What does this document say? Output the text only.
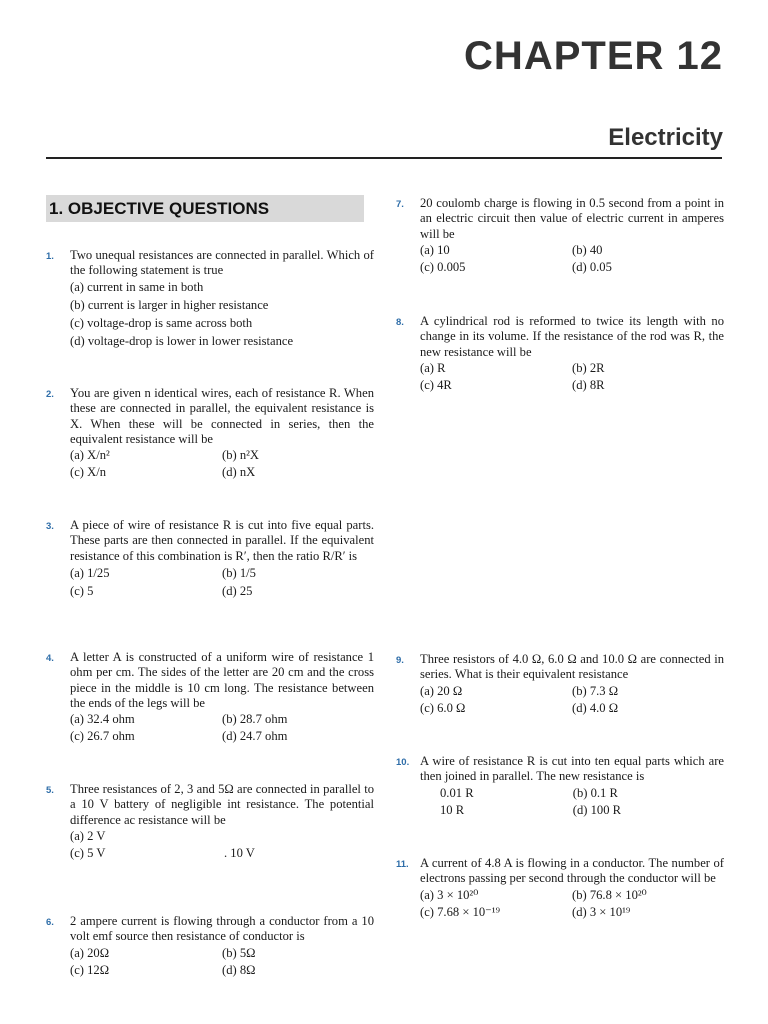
CHAPTER 12
Electricity
1. OBJECTIVE QUESTIONS
1. Two unequal resistances are connected in parallel. Which of the following statement is true
(a) current in same in both
(b) current is larger in higher resistance
(c) voltage-drop is same across both
(d) voltage-drop is lower in lower resistance
2. You are given n identical wires, each of resistance R. When these are connected in parallel, the equivalent resistance is X. When these will be connected in series, then the equivalent resistance will be
(a) X/n²	(b) n²X
(c) X/n	(d) nX
3. A piece of wire of resistance R is cut into five equal parts. These parts are then connected in parallel. If the equivalent resistance of this combination is R′, then the ratio R/R′ is
(a) 1/25	(b) 1/5
(c) 5	(d) 25
4. A letter A is constructed of a uniform wire of resistance 1 ohm per cm. The sides of the letter are 20 cm and the cross piece in the middle is 10 cm long. The resistance between the ends of the legs will be
(a) 32.4 ohm	(b) 28.7 ohm
(c) 26.7 ohm	(d) 24.7 ohm
5. Three resistances of 2, 3 and 5Ω are connected in parallel to a 10 V battery of negligible int resistance. The potential difference ac resistance will be
(a) 2 V
(c) 5 V	. 10 V
6. 2 ampere current is flowing through a conductor from a 10 volt emf source then resistance of conductor is
(a) 20Ω	(b) 5Ω
(c) 12Ω	(d) 8Ω
7. 20 coulomb charge is flowing in 0.5 second from a point in an electric circuit then value of electric current in amperes will be
(a) 10	(b) 40
(c) 0.005	(d) 0.05
8. A cylindrical rod is reformed to twice its length with no change in its volume. If the resistance of the rod was R, the new resistance will be
(a) R	(b) 2R
(c) 4R	(d) 8R
9. Three resistors of 4.0 Ω, 6.0 Ω and 10.0 Ω are connected in series. What is their equivalent resistance
(a) 20 Ω	(b) 7.3 Ω
(c) 6.0 Ω	(d) 4.0 Ω
10. A wire of resistance R is cut into ten equal parts which are then joined in parallel. The new resistance is
0.01 R	(b) 0.1 R
10 R	(d) 100 R
11. A current of 4.8 A is flowing in a conductor. The number of electrons passing per second through the conductor will be
(a) 3 × 10²⁰	(b) 76.8 × 10²⁰
(c) 7.68 × 10⁻¹⁹	(d) 3 × 10¹⁹
